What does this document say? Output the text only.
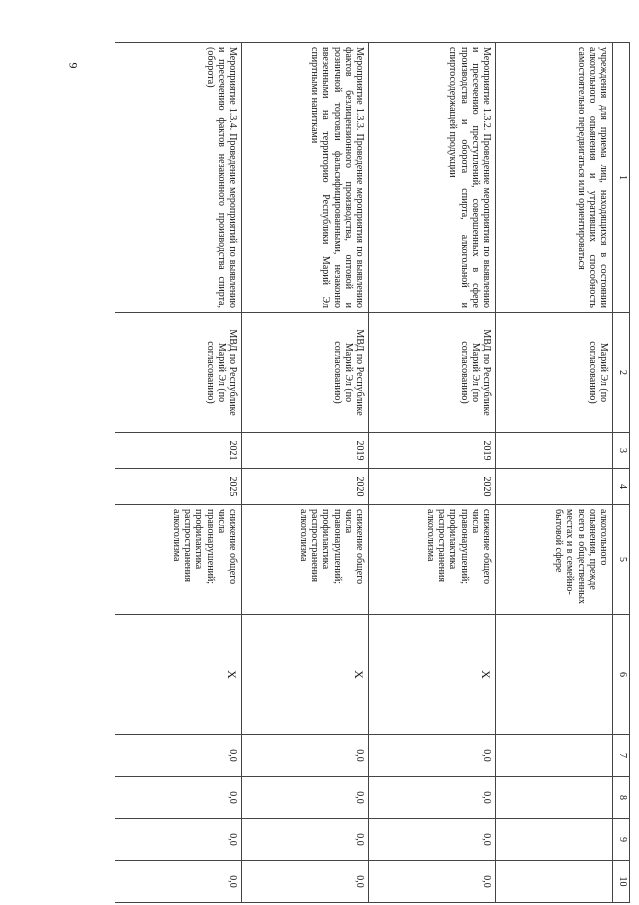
9
1	2	3	4	5	6	7	8	9	10
учреждения для приема лиц, находящихся в состоянии алкогольного опьянения и утративших способность самостоятельно передвигаться или ориентироваться	Марий Эл (по согласованию)			алкогольного опьянения, прежде всего в общественных местах и в семейно-бытовой сфере					
Мероприятие 1.3.2. Проведение мероприятия по выявлению и пресечению преступлений, совершенных в сфере производства и оборота спирта, алкогольной и спиртосодержащей продукции	МВД по Республике Марий Эл (по согласованию)	2019	2020	снижение общего числа правонарушений; профилактика распространения алкоголизма	X	0,0	0,0	0,0	0,0
Мероприятие 1.3.3. Проведение мероприятия по выявлению фактов безлицензионного производства, оптовой и розничной торговли фальсифицированными, незаконно ввезенными на территорию Республики Марий Эл спиртными напитками	МВД по Республике Марий Эл (по согласованию)	2019	2020	снижение общего числа правонарушений; профилактика распространения алкоголизма	X	0,0	0,0	0,0	0,0
Мероприятие 1.3.4. Проведение мероприятий по выявлению и пресечению фактов незаконного производства спирта, (оборота)	МВД по Республике Марий Эл (по согласованию)	2021	2025	снижение общего числа правонарушений; профилактика распространения алкоголизма	X	0,0	0,0	0,0	0,0
